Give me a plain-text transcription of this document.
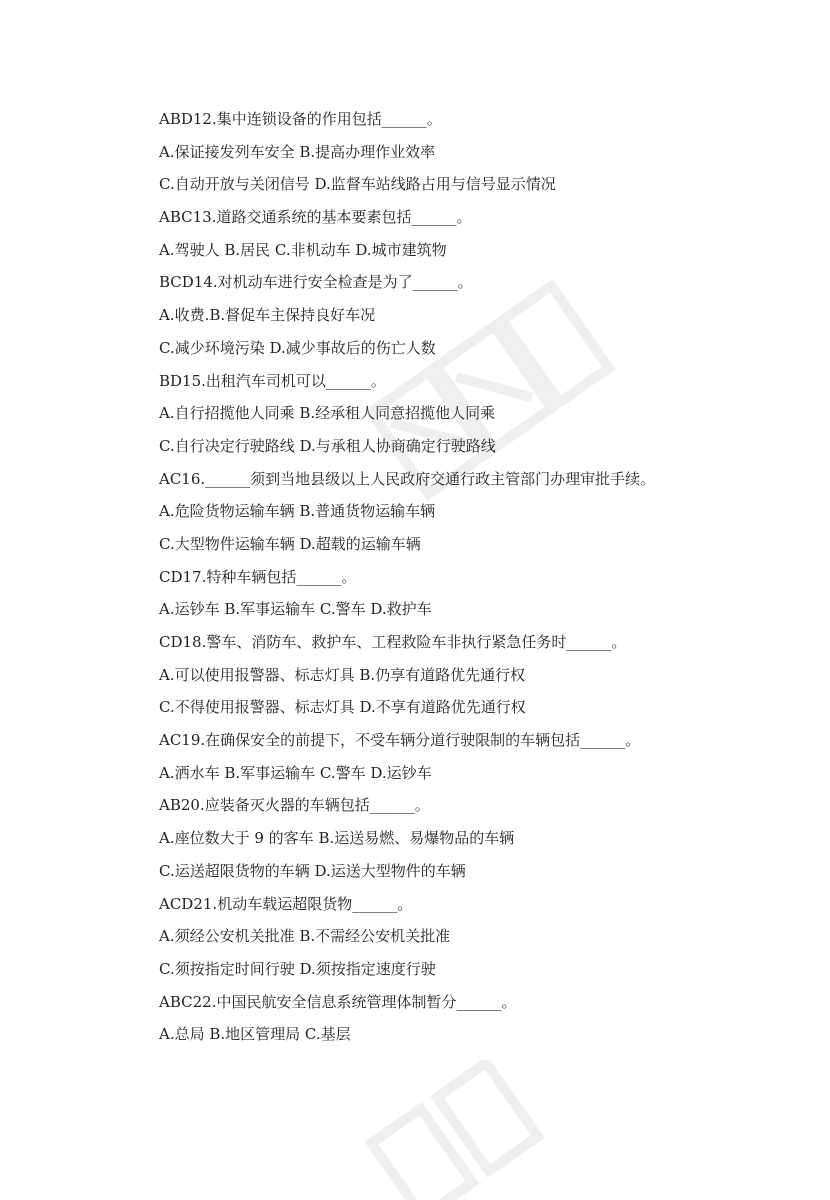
ABD12.集中连锁设备的作用包括______。
A.保证接发列车安全 B.提高办理作业效率
C.自动开放与关闭信号 D.监督车站线路占用与信号显示情况
ABC13.道路交通系统的基本要素包括______。
A.驾驶人 B.居民 C.非机动车 D.城市建筑物
BCD14.对机动车进行安全检查是为了______。
A.收费.B.督促车主保持良好车况
C.减少环境污染 D.减少事故后的伤亡人数
BD15.出租汽车司机可以______。
A.自行招揽他人同乘 B.经承租人同意招揽他人同乘
C.自行决定行驶路线 D.与承租人协商确定行驶路线
AC16.______须到当地县级以上人民政府交通行政主管部门办理审批手续。
A.危险货物运输车辆 B.普通货物运输车辆
C.大型物件运输车辆 D.超载的运输车辆
CD17.特种车辆包括______。
A.运钞车 B.军事运输车 C.警车 D.救护车
CD18.警车、消防车、救护车、工程救险车非执行紧急任务时______。
A.可以使用报警器、标志灯具 B.仍享有道路优先通行权
C.不得使用报警器、标志灯具 D.不享有道路优先通行权
AC19.在确保安全的前提下，不受车辆分道行驶限制的车辆包括______。
A.洒水车 B.军事运输车 C.警车 D.运钞车
AB20.应装备灭火器的车辆包括______。
A.座位数大于 9 的客车 B.运送易燃、易爆物品的车辆
C.运送超限货物的车辆 D.运送大型物件的车辆
ACD21.机动车载运超限货物______。
A.须经公安机关批准 B.不需经公安机关批准
C.须按指定时间行驶 D.须按指定速度行驶
ABC22.中国民航安全信息系统管理体制暂分______。
A.总局 B.地区管理局 C.基层
